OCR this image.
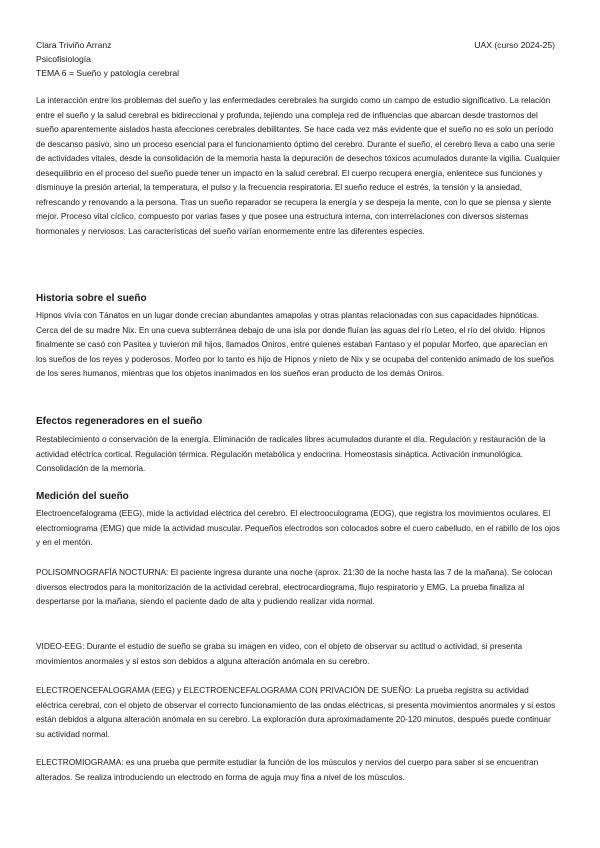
Clara Triviño Arranz	UAX (curso 2024-25)
Psicofisiología
TEMA 6 = Sueño y patología cerebral

La interacción entre los problemas del sueño y las enfermedades cerebrales ha surgido como un campo de estudio significativo. La relación entre el sueño y la salud cerebral es bidireccional y profunda, tejiendo una compleja red de influencias que abarcan desde trastornos del sueño aparentemente aislados hasta afecciones cerebrales debilitantes. Se hace cada vez más evidente que el sueño no es solo un período de descanso pasivo, sino un proceso esencial para el funcionamiento óptimo del cerebro. Durante el sueño, el cerebro lleva a cabo una serie de actividades vitales, desde la consolidación de la memoria hasta la depuración de desechos tóxicos acumulados durante la vigilia. Cualquier desequilibrio en el proceso del sueño puede tener un impacto en la salud cerebral. El cuerpo recupera energía, enlentece sus funciones y disminuye la presión arterial, la temperatura, el pulso y la frecuencia respiratoria. El sueño reduce el estrés, la tensión y la ansiedad, refrescando y renovando a la persona. Tras un sueño reparador se recupera la energía y se despeja la mente, con lo que se piensa y siente mejor. Proceso vital cíclico, compuesto por varias fases y que posee una estructura interna, con interrelaciones con diversos sistemas hormonales y nerviosos. Las características del sueño varían enormemente entre las diferentes especies.

Historia sobre el sueño

Hipnos vivía con Tánatos en un lugar donde crecían abundantes amapolas y otras plantas relacionadas con sus capacidades hipnóticas. Cerca del de su madre Nix. En una cueva subterránea debajo de una isla por donde fluían las aguas del río Leteo, el río del olvido. Hipnos finalmente se casó con Pasitea y tuvieron mil hijos, llamados Oniros, entre quienes estaban Fantaso y el popular Morfeo, que aparecían en los sueños de los reyes y poderosos. Morfeo por lo tanto es hijo de Hipnos y nieto de Nix y se ocupaba del contenido animado de los sueños de los seres humanos, mientras que los objetos inanimados en los sueños eran producto de los demás Oniros.

Efectos regeneradores en el sueño

Restablecimiento o conservación de la energía. Eliminación de radicales libres acumulados durante el día. Regulación y restauración de la actividad eléctrica cortical. Regulación térmica. Regulación metabólica y endocrina. Homeostasis sináptica. Activación inmunológica. Consolidación de la memoria.

Medición del sueño

Electroencefalograma (EEG), mide la actividad eléctrica del cerebro. El electrooculograma (EOG), que registra los movimientos oculares. El electromiograma (EMG) que mide la actividad muscular. Pequeños electrodos son colocados sobre el cuero cabelludo, en el rabillo de los ojos y en el mentón.

POLISOMNOGRAFÍA NOCTURNA: El paciente ingresa durante una noche (aprox. 21:30 de la noche hasta las 7 de la mañana). Se colocan diversos electrodos para la monitorización de la actividad cerebral, electrocardiograma, flujo respiratorio y EMG. La prueba finaliza al despertarse por la mañana, siendo el paciente dado de alta y pudiendo realizar vida normal.

VIDEO-EEG: Durante el estudio de sueño se graba su imagen en video, con el objeto de observar su actitud o actividad, si presenta movimientos anormales y si estos son debidos a alguna alteración anómala en su cerebro.

ELECTROENCEFALOGRAMA (EEG) y ELECTROENCEFALOGRAMA CON PRIVACIÓN DE SUEÑO: La prueba registra su actividad eléctrica cerebral, con el objeto de observar el correcto funcionamiento de las ondas eléctricas, si presenta movimientos anormales y si estos están debidos a alguna alteración anómala en su cerebro. La exploración dura aproximadamente 20-120 minutos, después puede continuar su actividad normal.

ELECTROMIOGRAMA: es una prueba que permite estudiar la función de los músculos y nervios del cuerpo para saber si se encuentran alterados. Se realiza introduciendo un electrodo en forma de aguja muy fina a nivel de los músculos.
